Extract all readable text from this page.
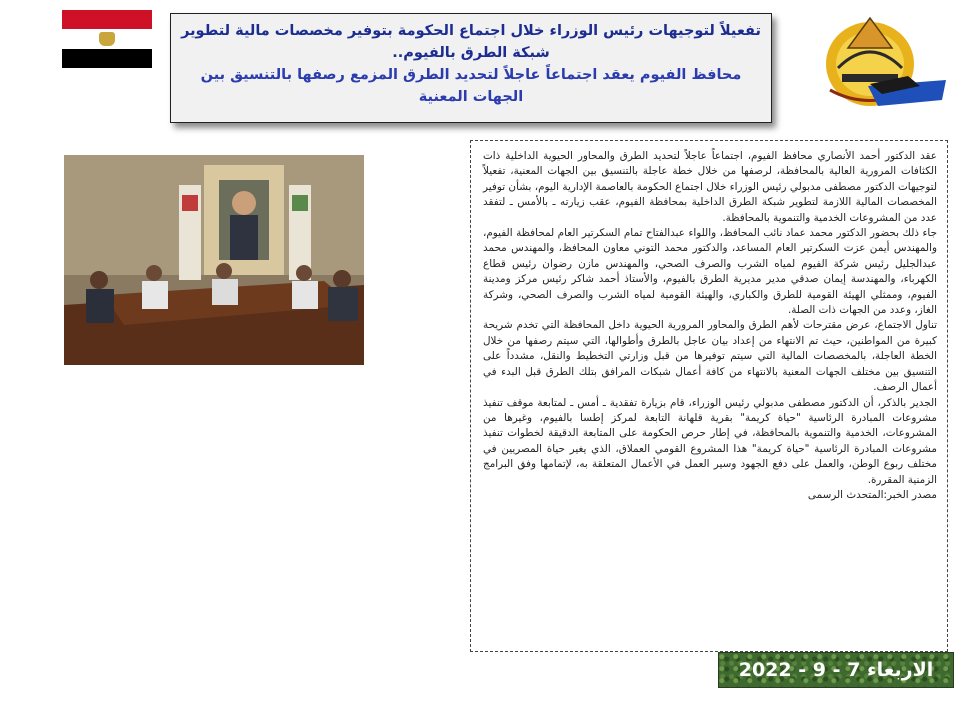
تفعيلاً لتوجيهات رئيس الوزراء خلال اجتماع الحكومة بتوفير مخصصات مالية لتطوير شبكة الطرق بالفيوم..
محافظ الفيوم يعقد اجتماعاً عاجلاً لتحديد الطرق المزمع رصفها بالتنسيق بين الجهات المعنية

عقد الدكتور أحمد الأنصاري محافظ الفيوم، اجتماعاً عاجلاً لتحديد الطرق والمحاور الحيوية الداخلية ذات الكثافات المرورية العالية بالمحافظة، لرصفها من خلال خطة عاجلة بالتنسيق بين الجهات المعنية، تفعيلاً لتوجيهات الدكتور مصطفى مدبولي رئيس الوزراء خلال اجتماع الحكومة بالعاصمة الإدارية اليوم، بشأن توفير المخصصات المالية اللازمة لتطوير شبكة الطرق الداخلية بمحافظة الفيوم، عقب زيارته ـ بالأمس ـ لتفقد عدد من المشروعات الخدمية والتنموية بالمحافظة.

جاء ذلك بحضور الدكتور محمد عماد نائب المحافظ، واللواء عبدالفتاح تمام السكرتير العام لمحافظة الفيوم، والمهندس أيمن عزت السكرتير العام المساعد، والدكتور محمد التوني معاون المحافظ، والمهندس محمد عبدالجليل رئيس شركة الفيوم لمياه الشرب والصرف الصحي، والمهندس مازن رضوان رئيس قطاع الكهرباء، والمهندسة إيمان صدقي مدير مديرية الطرق بالفيوم، والأستاذ أحمد شاكر رئيس مركز ومدينة الفيوم، وممثلي الهيئة القومية للطرق والكباري، والهيئة القومية لمياه الشرب والصرف الصحي، وشركة الغاز، وعدد من الجهات ذات الصلة.

تناول الاجتماع، عرض مقترحات لأهم الطرق والمحاور المرورية الحيوية داخل المحافظة التي تخدم شريحة كبيرة من المواطنين، حيث تم الانتهاء من إعداد بيان عاجل بالطرق وأطوالها، التي سيتم رصفها من خلال الخطة العاجلة، بالمخصصات المالية التي سيتم توفيرها من قبل وزارتي التخطيط والنقل، مشدداً على التنسيق بين مختلف الجهات المعنية بالانتهاء من كافة أعمال شبكات المرافق بتلك الطرق قبل البدء في أعمال الرصف.

الجدير بالذكر، أن الدكتور مصطفى مدبولي رئيس الوزراء، قام بزيارة تفقدية ـ أمس ـ لمتابعة موقف تنفيذ مشروعات المبادرة الرئاسية "حياة كريمة" بقرية قلهانة التابعة لمركز إطسا بالفيوم، وغيرها من المشروعات، الخدمية والتنموية بالمحافظة، في إطار حرص الحكومة على المتابعة الدقيقة لخطوات تنفيذ مشروعات المبادرة الرئاسية "حياة كريمة" هذا المشروع القومي العملاق، الذي يغير حياة المصريين في مختلف ربوع الوطن، والعمل على دفع الجهود وسير العمل في الأعمال المتعلقة به، لإتمامها وفق البرامج الزمنية المقررة.

مصدر الخبر:المتحدث الرسمى

الاربعاء 7 - 9 - 2022
